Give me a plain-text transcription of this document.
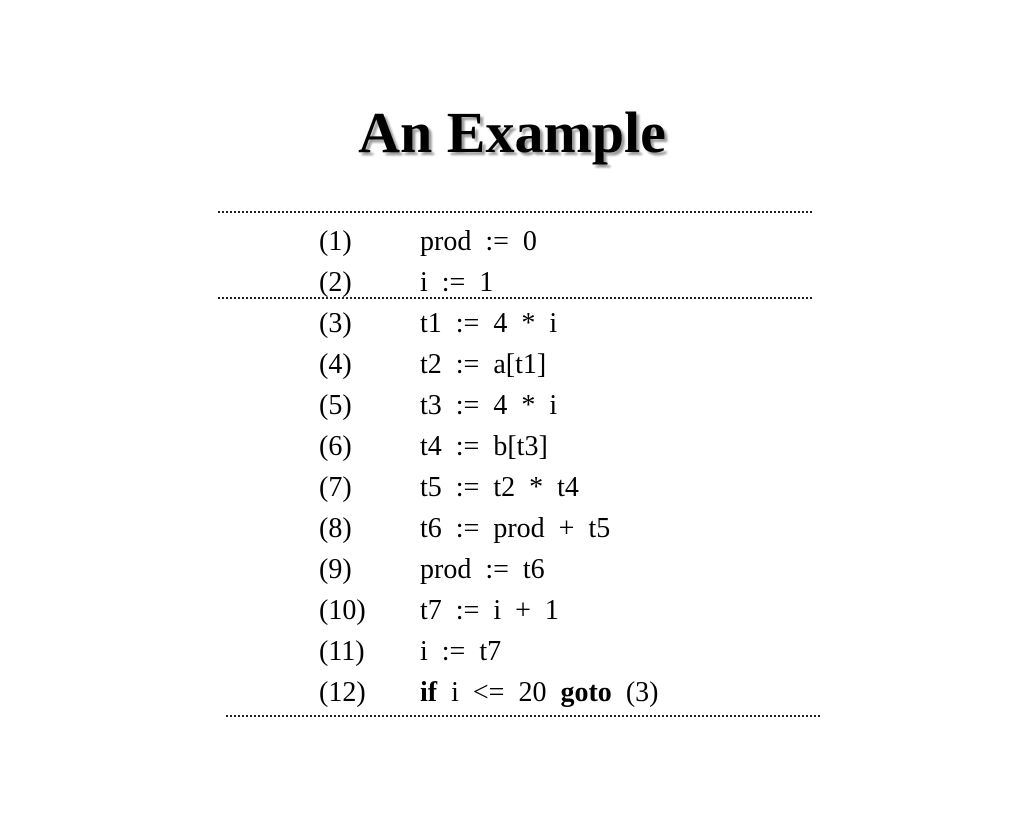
An Example

(1)

prod  :=  0

(2)

i  :=  1

(3)

t1  :=  4  *  i

(4)

t2  :=  a[t1]

(5)

t3  :=  4  *  i

(6)

t4  :=  b[t3]

(7)

t5  :=  t2  *  t4

(8)

t6  :=  prod  +  t5

(9)

prod  :=  t6

(10)

t7  :=  i  +  1

(11)

i  :=  t7

(12)

if  i  <=  20  goto  (3)
